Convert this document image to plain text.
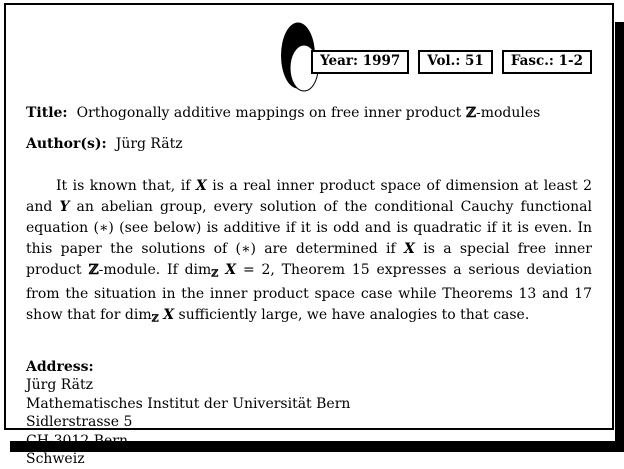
Year: 1997	Vol.: 51	Fasc.: 1-2
Title: Orthogonally additive mappings on free inner product ℤ-modules
Author(s): Jürg Rätz

It is known that, if X is a real inner product space of dimension at least 2 and Y an abelian group, every solution of the conditional Cauchy functional equation (∗) (see below) is additive if it is odd and is quadratic if it is even. In this paper the solutions of (∗) are determined if X is a special free inner product ℤ-module. If dimℤ X = 2, Theorem 15 expresses a serious deviation from the situation in the inner product space case while Theorems 13 and 17 show that for dimℤ X sufficiently large, we have analogies to that case.

Address:
Jürg Rätz
Mathematisches Institut der Universität Bern
Sidlerstrasse 5
CH-3012 Bern
Schweiz
